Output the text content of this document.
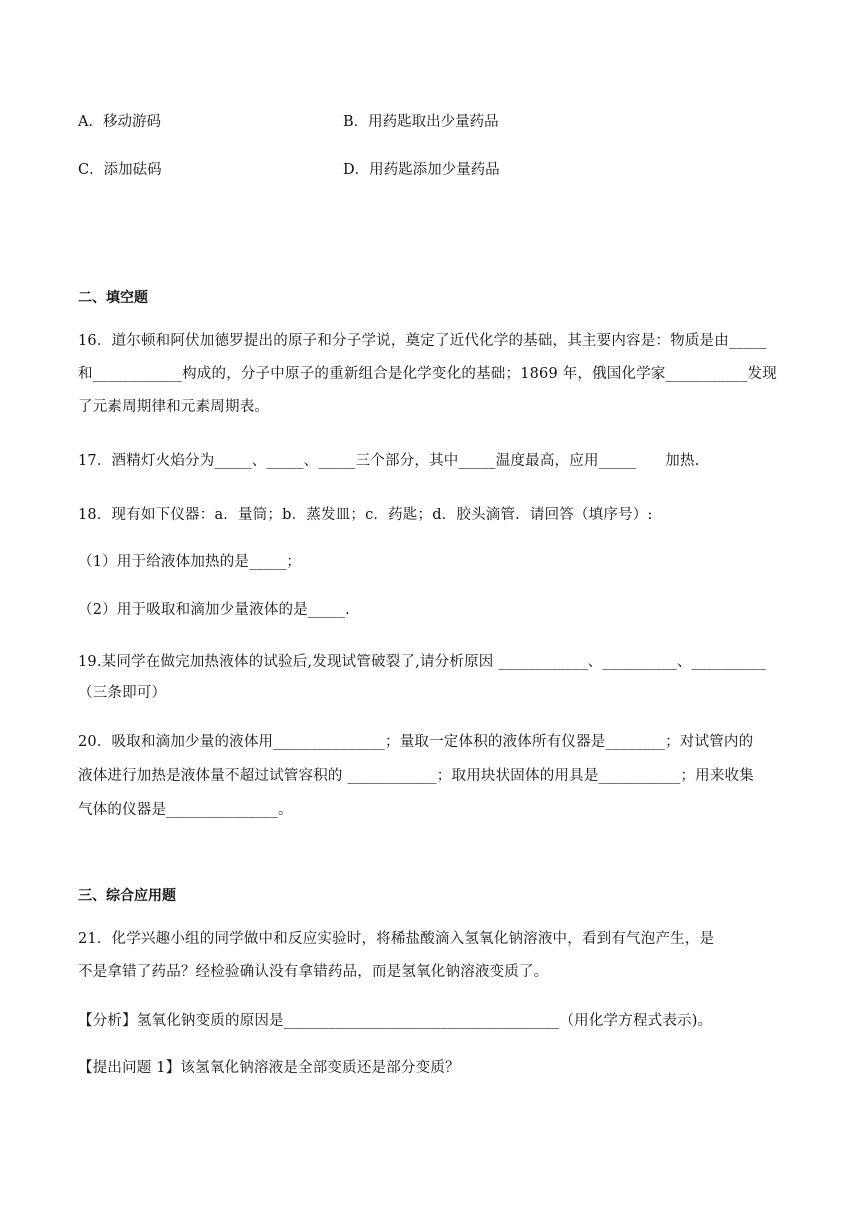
A．移动游码	B．用药匙取出少量药品
C．添加砝码	D．用药匙添加少量药品
二、填空题
16．道尔顿和阿伏加德罗提出的原子和分子学说，奠定了近代化学的基础，其主要内容是：物质是由_____
和____________构成的，分子中原子的重新组合是化学变化的基础；1869 年，俄国化学家___________发现
了元素周期律和元素周期表。
17．酒精灯火焰分为_____、_____、_____三个部分，其中_____温度最高，应用_____　　加热.
18．现有如下仪器：a．量筒；b．蒸发皿；c．药匙；d．胶头滴管．请回答（填序号）:
（1）用于给液体加热的是_____；
（2）用于吸取和滴加少量液体的是_____.
19.某同学在做完加热液体的试验后,发现试管破裂了,请分析原因 ____________、__________、__________
（三条即可）
20．吸取和滴加少量的液体用_______________；量取一定体积的液体所有仪器是________；对试管内的
液体进行加热是液体量不超过试管容积的 ____________；取用块状固体的用具是___________；用来收集
气体的仪器是_______________。
三、综合应用题
21．化学兴趣小组的同学做中和反应实验时，将稀盐酸滴入氢氧化钠溶液中，看到有气泡产生，是
不是拿错了药品？经检验确认没有拿错药品，而是氢氧化钠溶液变质了。
【分析】氢氧化钠变质的原因是_____________________________________（用化学方程式表示)。
【提出问题 1】该氢氧化钠溶液是全部变质还是部分变质？
